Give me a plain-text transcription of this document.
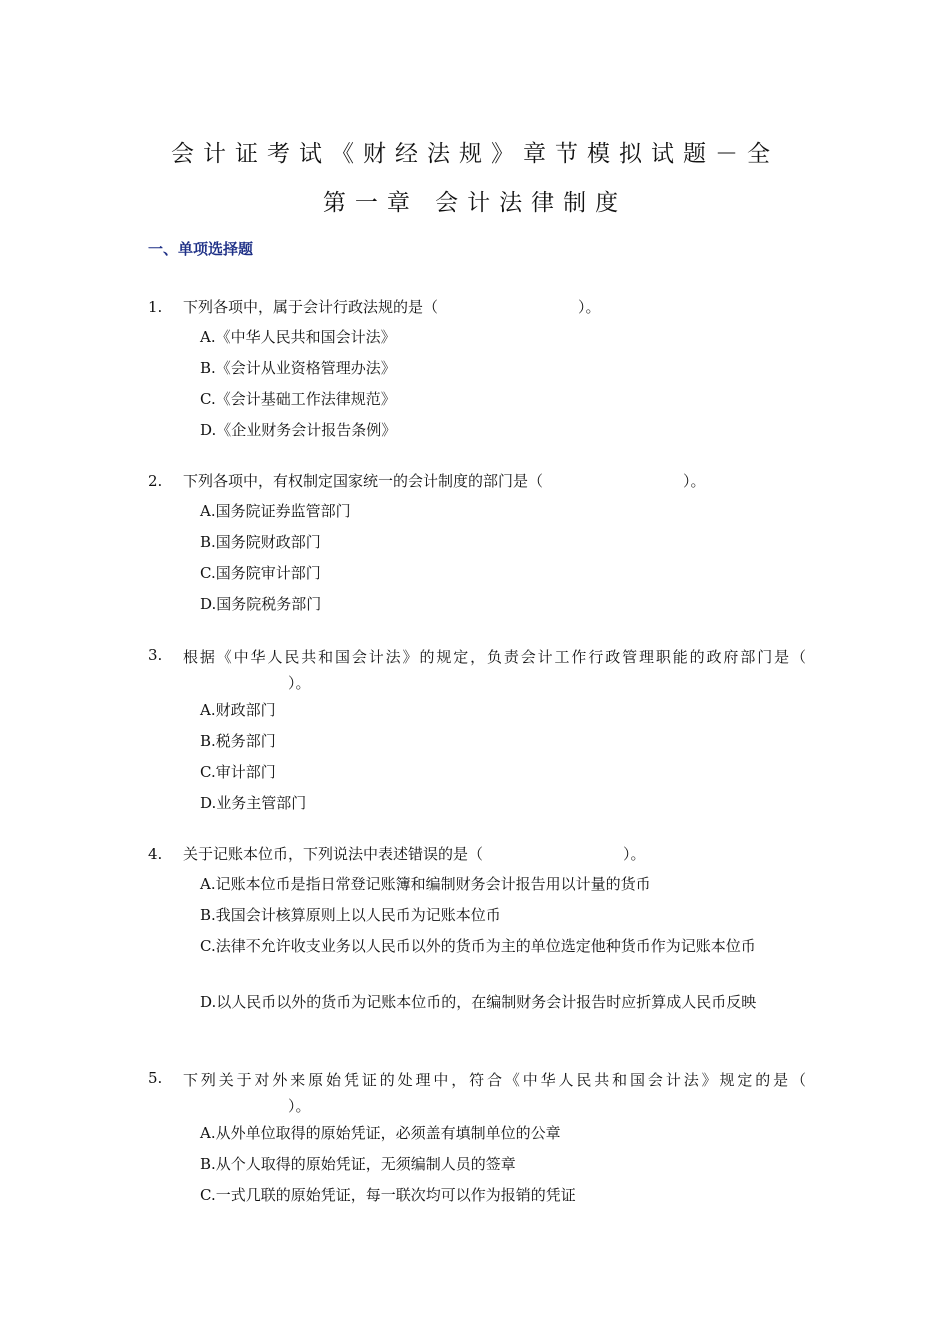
会计证考试《财经法规》章节模拟试题－全
第一章 会计法律制度
一、单项选择题
1.	下列各项中，属于会计行政法规的是（	）。
A.《中华人民共和国会计法》
B.《会计从业资格管理办法》
C.《会计基础工作法律规范》
D.《企业财务会计报告条例》
2.	下列各项中，有权制定国家统一的会计制度的部门是（	）。
A.国务院证券监管部门
B.国务院财政部门
C.国务院审计部门
D.国务院税务部门
3.	根据《中华人民共和国会计法》的规定，负责会计工作行政管理职能的政府部门是（）。
A.财政部门
B.税务部门
C.审计部门
D.业务主管部门
4.	关于记账本位币，下列说法中表述错误的是（	）。
A.记账本位币是指日常登记账簿和编制财务会计报告用以计量的货币
B.我国会计核算原则上以人民币为记账本位币
C.法律不允许收支业务以人民币以外的货币为主的单位选定他种货币作为记账本位币
D.以人民币以外的货币为记账本位币的，在编制财务会计报告时应折算成人民币反映
5.	下列关于对外来原始凭证的处理中，符合《中华人民共和国会计法》规定的是（）。
A.从外单位取得的原始凭证，必须盖有填制单位的公章
B.从个人取得的原始凭证，无须编制人员的签章
C.一式几联的原始凭证，每一联次均可以作为报销的凭证
